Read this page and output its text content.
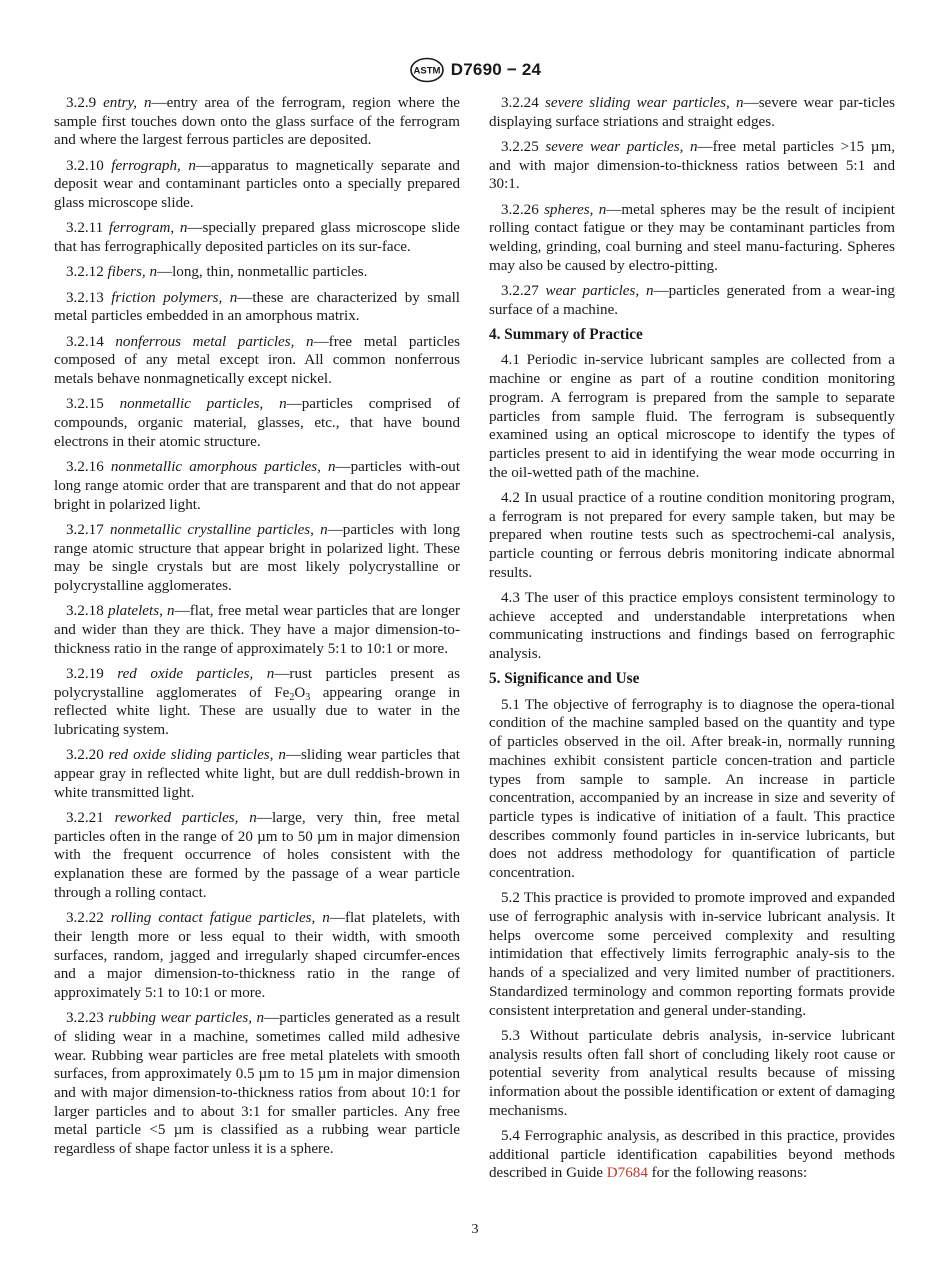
ASTM D7690 − 24

3.2.9 entry, n—entry area of the ferrogram, region where the sample first touches down onto the glass surface of the ferrogram and where the largest ferrous particles are deposited.

3.2.10 ferrograph, n—apparatus to magnetically separate and deposit wear and contaminant particles onto a specially prepared glass microscope slide.

3.2.11 ferrogram, n—specially prepared glass microscope slide that has ferrographically deposited particles on its sur-face.

3.2.12 fibers, n—long, thin, nonmetallic particles.

3.2.13 friction polymers, n—these are characterized by small metal particles embedded in an amorphous matrix.

3.2.14 nonferrous metal particles, n—free metal particles composed of any metal except iron. All common nonferrous metals behave nonmagnetically except nickel.

3.2.15 nonmetallic particles, n—particles comprised of compounds, organic material, glasses, etc., that have bound electrons in their atomic structure.

3.2.16 nonmetallic amorphous particles, n—particles with-out long range atomic order that are transparent and that do not appear bright in polarized light.

3.2.17 nonmetallic crystalline particles, n—particles with long range atomic structure that appear bright in polarized light. These may be single crystals but are most likely polycrystalline or polycrystalline agglomerates.

3.2.18 platelets, n—flat, free metal wear particles that are longer and wider than they are thick. They have a major dimension-to-thickness ratio in the range of approximately 5:1 to 10:1 or more.

3.2.19 red oxide particles, n—rust particles present as polycrystalline agglomerates of $Fe_2O_3$ appearing orange in reflected white light. These are usually due to water in the lubricating system.

3.2.20 red oxide sliding particles, n—sliding wear particles that appear gray in reflected white light, but are dull reddish-brown in white transmitted light.

3.2.21 reworked particles, n—large, very thin, free metal particles often in the range of 20 µm to 50 µm in major dimension with the frequent occurrence of holes consistent with the explanation these are formed by the passage of a wear particle through a rolling contact.

3.2.22 rolling contact fatigue particles, n—flat platelets, with their length more or less equal to their width, with smooth surfaces, random, jagged and irregularly shaped circumfer-ences and a major dimension-to-thickness ratio in the range of approximately 5:1 to 10:1 or more.

3.2.23 rubbing wear particles, n—particles generated as a result of sliding wear in a machine, sometimes called mild adhesive wear. Rubbing wear particles are free metal platelets with smooth surfaces, from approximately 0.5 µm to 15 µm in major dimension and with major dimension-to-thickness ratios from about 10:1 for larger particles and to about 3:1 for smaller particles. Any free metal particle <5 µm is classified as a rubbing wear particle regardless of shape factor unless it is a sphere.

3.2.24 severe sliding wear particles, n—severe wear par-ticles displaying surface striations and straight edges.

3.2.25 severe wear particles, n—free metal particles >15 µm, and with major dimension-to-thickness ratios between 5:1 and 30:1.

3.2.26 spheres, n—metal spheres may be the result of incipient rolling contact fatigue or they may be contaminant particles from welding, grinding, coal burning and steel manu-facturing. Spheres may also be caused by electro-pitting.

3.2.27 wear particles, n—particles generated from a wear-ing surface of a machine.

4. Summary of Practice

4.1 Periodic in-service lubricant samples are collected from a machine or engine as part of a routine condition monitoring program. A ferrogram is prepared from the sample to separate particles from sample fluid. The ferrogram is subsequently examined using an optical microscope to identify the types of particles present to aid in identifying the wear mode occurring in the oil-wetted path of the machine.

4.2 In usual practice of a routine condition monitoring program, a ferrogram is not prepared for every sample taken, but may be prepared when routine tests such as spectrochemi-cal analysis, particle counting or ferrous debris monitoring indicate abnormal results.

4.3 The user of this practice employs consistent terminology to achieve accepted and understandable interpretations when communicating instructions and findings based on ferrographic analysis.

5. Significance and Use

5.1 The objective of ferrography is to diagnose the opera-tional condition of the machine sampled based on the quantity and type of particles observed in the oil. After break-in, normally running machines exhibit consistent particle concen-tration and particle types from sample to sample. An increase in particle concentration, accompanied by an increase in size and severity of particle types is indicative of initiation of a fault. This practice describes commonly found particles in in-service lubricants, but does not address methodology for quantification of particle concentration.

5.2 This practice is provided to promote improved and expanded use of ferrographic analysis with in-service lubricant analysis. It helps overcome some perceived complexity and resulting intimidation that effectively limits ferrographic analy-sis to the hands of a specialized and very limited number of practitioners. Standardized terminology and common reporting formats provide consistent interpretation and general under-standing.

5.3 Without particulate debris analysis, in-service lubricant analysis results often fall short of concluding likely root cause or potential severity from analytical results because of missing information about the possible identification or extent of damaging mechanisms.

5.4 Ferrographic analysis, as described in this practice, provides additional particle identification capabilities beyond methods described in Guide D7684 for the following reasons:

3
